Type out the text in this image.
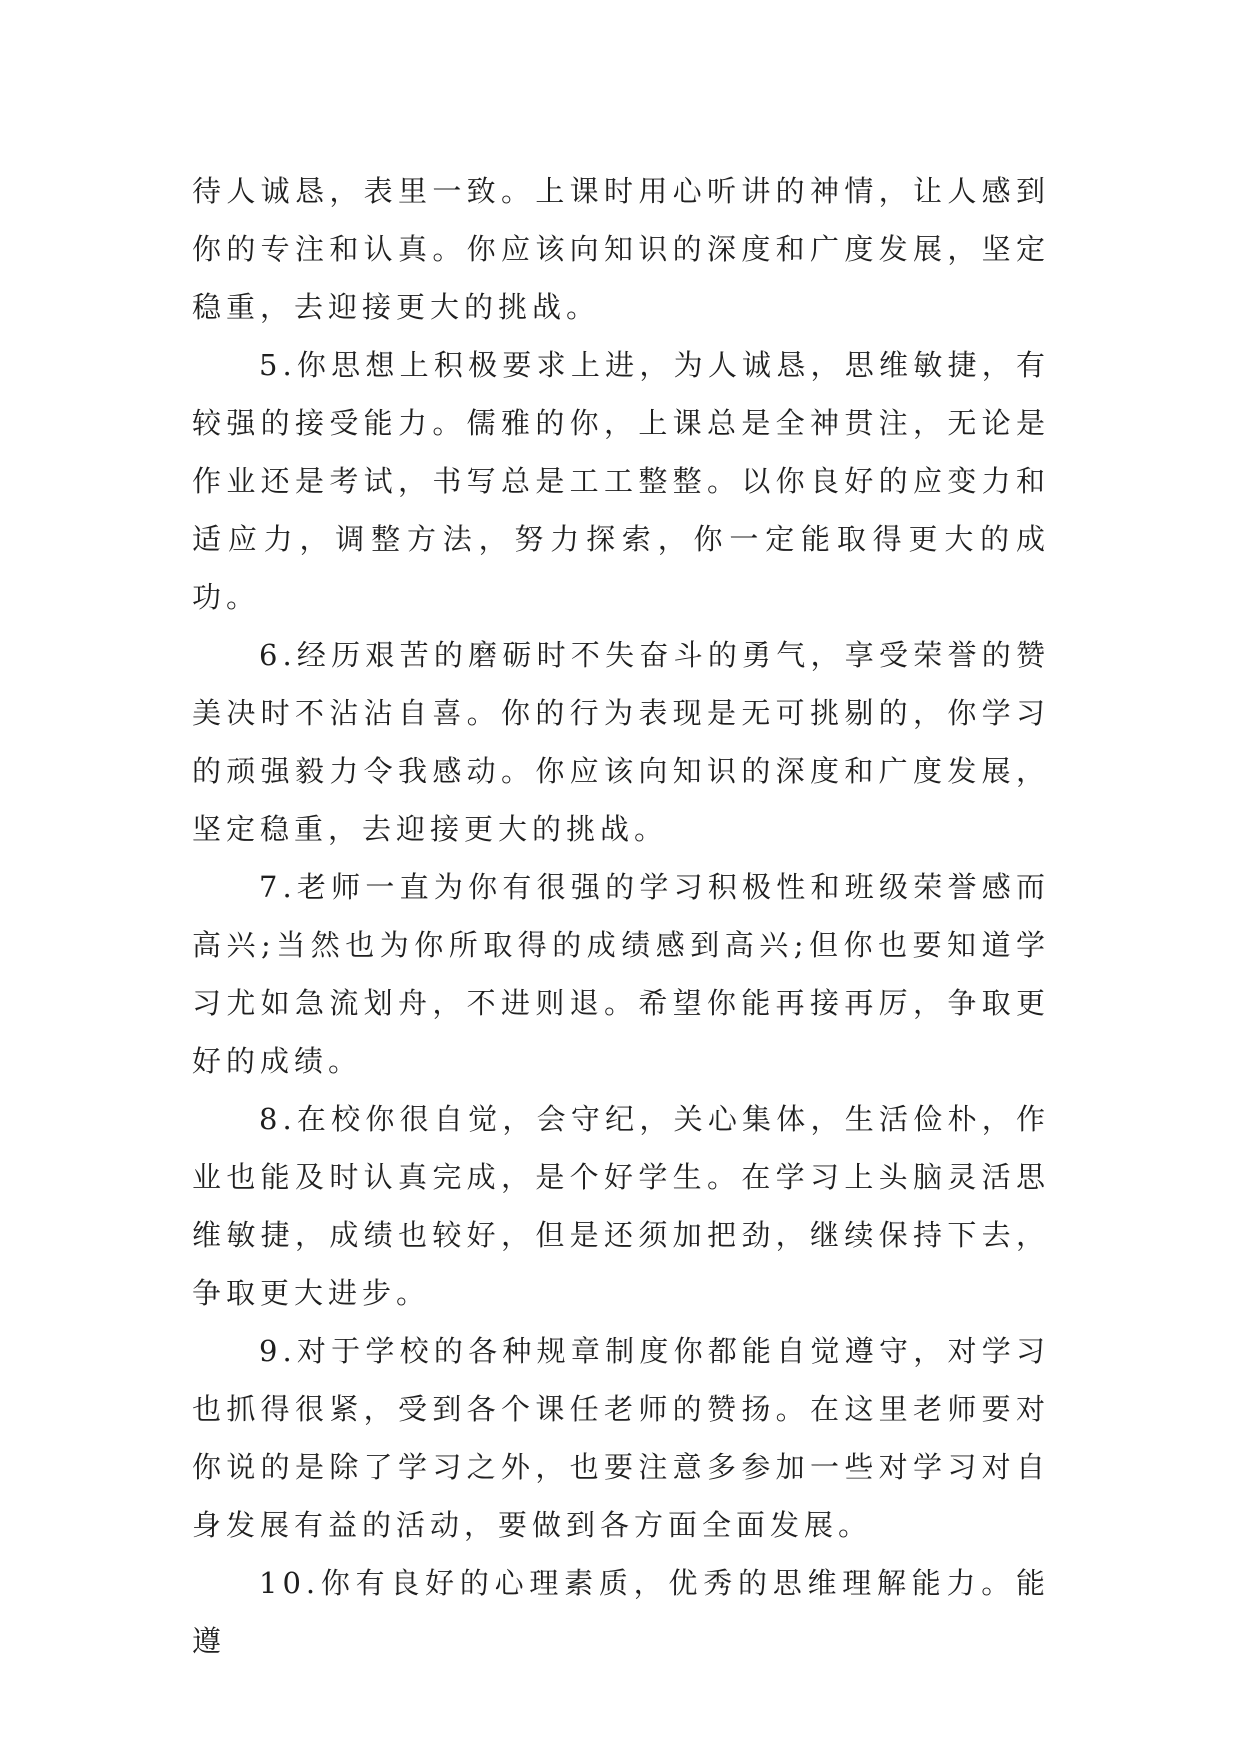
待人诚恳，表里一致。上课时用心听讲的神情，让人感到你的专注和认真。你应该向知识的深度和广度发展，坚定稳重，去迎接更大的挑战。

5.你思想上积极要求上进，为人诚恳，思维敏捷，有较强的接受能力。儒雅的你，上课总是全神贯注，无论是作业还是考试，书写总是工工整整。以你良好的应变力和适应力，调整方法，努力探索，你一定能取得更大的成功。

6.经历艰苦的磨砺时不失奋斗的勇气，享受荣誉的赞美决时不沾沾自喜。你的行为表现是无可挑剔的，你学习的顽强毅力令我感动。你应该向知识的深度和广度发展，坚定稳重，去迎接更大的挑战。

7.老师一直为你有很强的学习积极性和班级荣誉感而高兴;当然也为你所取得的成绩感到高兴;但你也要知道学习尤如急流划舟，不进则退。希望你能再接再厉，争取更好的成绩。

8.在校你很自觉，会守纪，关心集体，生活俭朴，作业也能及时认真完成，是个好学生。在学习上头脑灵活思维敏捷，成绩也较好，但是还须加把劲，继续保持下去，争取更大进步。

9.对于学校的各种规章制度你都能自觉遵守，对学习也抓得很紧，受到各个课任老师的赞扬。在这里老师要对你说的是除了学习之外，也要注意多参加一些对学习对自身发展有益的活动，要做到各方面全面发展。

10.你有良好的心理素质，优秀的思维理解能力。能遵
